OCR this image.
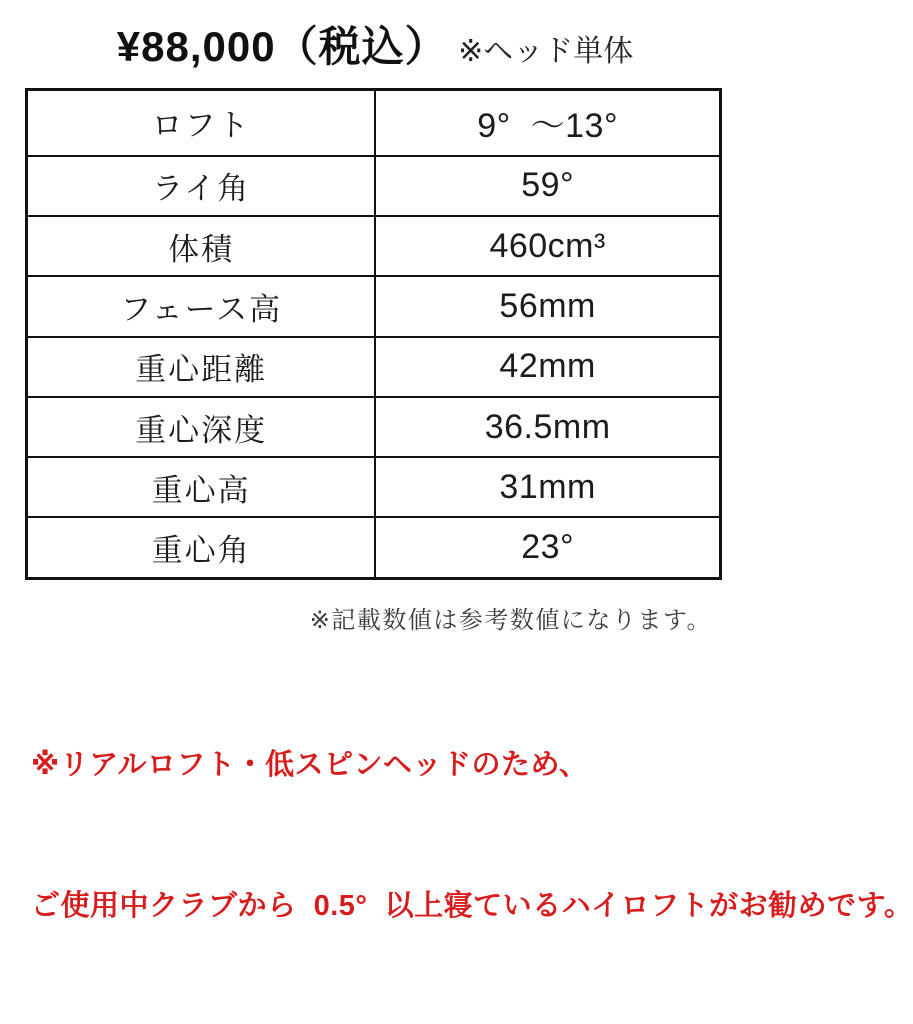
¥88,000（税込） ※ヘッド単体
ロフト	9°  ～13°
ライ角	59°
体積	460cm³
フェース高	56mm
重心距離	42mm
重心深度	36.5mm
重心高	31mm
重心角	23°
※記載数値は参考数値になります。

※リアルロフト・低スピンヘッドのため、

ご使用中クラブから  0.5°  以上寝ているハイロフトがお勧めです。
